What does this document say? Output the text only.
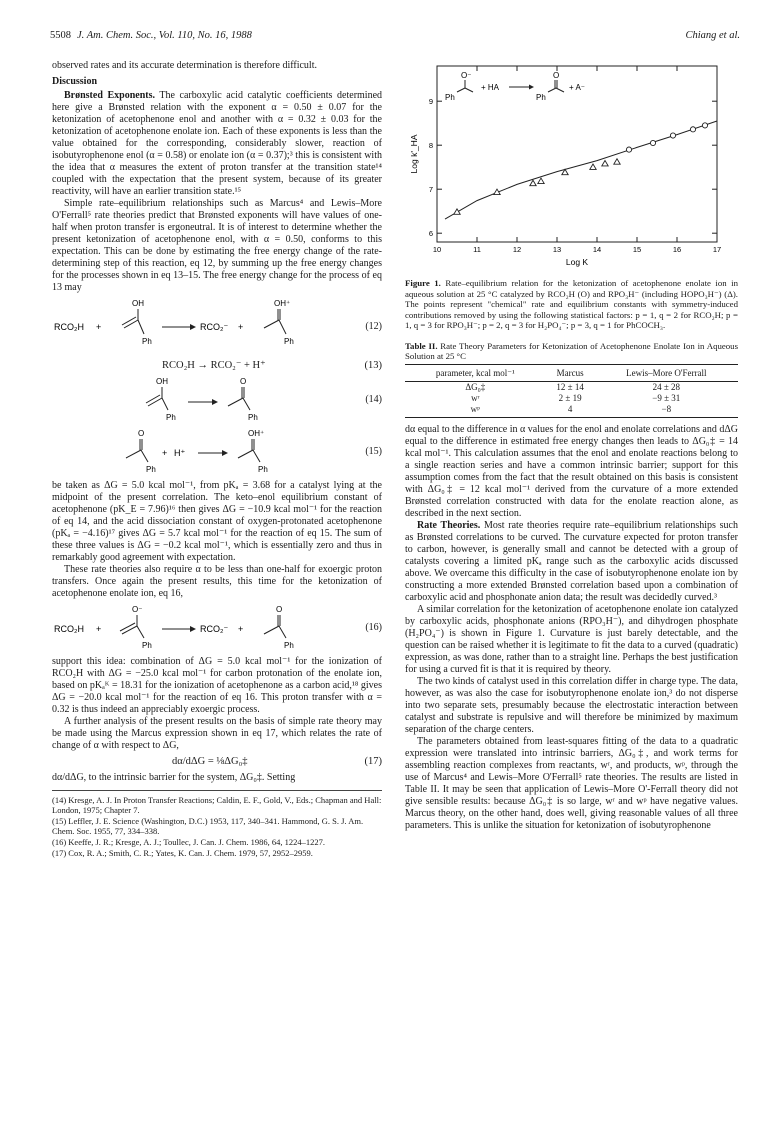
5508 J. Am. Chem. Soc., Vol. 110, No. 16, 1988	Chiang et al.

observed rates and its accurate determination is therefore difficult.

Discussion

Brønsted Exponents. The carboxylic acid catalytic coefficients determined here give a Brønsted relation with the exponent α = 0.50 ± 0.07 for the ketonization of acetophenone enol and another with α = 0.32 ± 0.03 for the ketonization of acetophenone enolate ion. Each of these exponents is less than the value obtained for the corresponding, considerably slower, reaction of isobutyrophenone enol (α = 0.58) or enolate ion (α = 0.37);³ this is consistent with the idea that α measures the extent of proton transfer at the transition state¹⁴ coupled with the expectation that the present system, because of its greater reactivity, will have an earlier transition state.¹⁵

Simple rate–equilibrium relationships such as Marcus⁴ and Lewis–More O'Ferrall⁵ rate theories predict that Brønsted exponents will have values of one-half when proton transfer is ergoneutral. It is of interest to determine whether the present ketonization of acetophenone enol, with α = 0.50, conforms to this expectation. This can be done by estimating the free energy change of the rate-determining step of this reaction, eq 12, by summing up the free energy changes for the processes shown in eq 13–15. The free energy change for the process of eq 13 may

RCO₂H +
OH
Ph
RCO₂⁻ +
OH⁺
Ph
(12)
RCO₂H → RCO₂⁻ + H⁺	(13)
OH
Ph
O
Ph
(14)
O
Ph
+ H⁺
OH⁺
Ph
(15)

be taken as ΔG = 5.0 kcal mol⁻¹, from pKₐ = 3.68 for a catalyst lying at the midpoint of the present correlation. The keto–enol equilibrium constant of acetophenone (pK_E = 7.96)¹⁶ then gives ΔG = −10.9 kcal mol⁻¹ for the reaction of eq 14, and the acid dissociation constant of oxygen-protonated acetophenone (pKₐ = −4.16)¹⁷ gives ΔG = 5.7 kcal mol⁻¹ for the reaction of eq 15. The sum of these three values is ΔG = −0.2 kcal mol⁻¹, which is essentially zero and thus in remarkably good agreement with expectation.

These rate theories also require α to be less than one-half for exoergic proton transfers. Once again the present results, this time for the ketonization of acetophenone enolate ion, eq 16,

RCO₂H +
O⁻
Ph
RCO₂⁻ +
O
Ph
(16)

support this idea: combination of ΔG = 5.0 kcal mol⁻¹ for the ionization of RCO₂H with ΔG = −25.0 kcal mol⁻¹ for carbon protonation of the enolate ion, based on pKₐᴷ = 18.31 for the ionization of acetophenone as a carbon acid,¹⁸ gives ΔG = −20.0 kcal mol⁻¹ for the reaction of eq 16. This proton transfer with α = 0.32 is thus indeed an appreciably exoergic process.

A further analysis of the present results on the basis of simple rate theory may be made using the Marcus expression shown in eq 17, which relates the rate of change of α with respect to ΔG,

dα/dΔG = ⅛ΔG₀‡	(17)

dα/dΔG, to the intrinsic barrier for the system, ΔG₀‡. Setting

(14) Kresge, A. J. In Proton Transfer Reactions; Caldin, E. F., Gold, V., Eds.; Chapman and Hall: London, 1975; Chapter 7.
(15) Leffler, J. E. Science (Washington, D.C.) 1953, 117, 340–341. Hammond, G. S. J. Am. Chem. Soc. 1955, 77, 334–338.
(16) Keeffe, J. R.; Kresge, A. J.; Toullec, J. Can. J. Chem. 1986, 64, 1224–1227.
(17) Cox, R. A.; Smith, C. R.; Yates, K. Can. J. Chem. 1979, 57, 2952–2959.
O⁻
Ph
+ HA
O
Ph
+ A⁻
10	11	12	13	14	15	16	17
6
7
8
9
Log K
Log k'_HA
Figure 1. Rate–equilibrium relation for the ketonization of acetophenone enolate ion in aqueous solution at 25 °C catalyzed by RCO₂H (O) and RPO₃H⁻ (including HOPO₃H⁻) (Δ). The points represent "chemical" rate and equilibrium constants with symmetry-induced contributions removed by using the following statistical factors: p = 1, q = 2 for RCO₂H; p = 1, q = 3 for RPO₃H⁻; p = 2, q = 3 for H₂PO₄⁻; p = 3, q = 1 for PhCOCH₃.
Table II. Rate Theory Parameters for Ketonization of Acetophenone Enolate Ion in Aqueous Solution at 25 °C
parameter, kcal mol⁻¹	Marcus	Lewis–More O'Ferrall
ΔG₀‡	12 ± 14	24 ± 28
wʳ	2 ± 19	−9 ± 31
wᵖ	4	−8

dα equal to the difference in α values for the enol and enolate correlations and dΔG equal to the difference in estimated free energy changes then leads to ΔG₀‡ = 14 kcal mol⁻¹. This calculation assumes that the enol and enolate reactions belong to a single reaction series and have a common intrinsic barrier; support for this assumption comes from the fact that the result obtained on this basis is consistent with ΔG₀‡ = 12 kcal mol⁻¹ derived from the curvature of a more extended Brønsted correlation constructed with data for the enolate reaction alone, as described in the next section.

Rate Theories. Most rate theories require rate–equilibrium relationships such as Brønsted correlations to be curved. The curvature expected for proton transfer to carbon, however, is generally small and cannot be detected with a group of catalysts covering a limited pKₐ range such as the carboxylic acids discussed above. We overcame this difficulty in the case of isobutyrophenone enolate ion by constructing a more extended Brønsted correlation based upon a combination of carboxylic acid and phosphonate anion data; the result was decidedly curved.³

A similar correlation for the ketonization of acetophenone enolate ion catalyzed by carboxylic acids, phosphonate anions (RPO₃H⁻), and dihydrogen phosphate (H₂PO₄⁻) is shown in Figure 1. Curvature is just barely detectable, and the question can be raised whether it is legitimate to fit the data to a curved (quadratic) expression, as was done, rather than to a straight line. Perhaps the best justification for using a curved fit is that it is required by theory.

The two kinds of catalyst used in this correlation differ in charge type. The data, however, as was also the case for isobutyrophenone enolate ion,³ do not disperse into two separate sets, presumably because the electrostatic interaction between catalyst and substrate is repulsive and will therefore be minimized by maximum separation of the charge centers.

The parameters obtained from least-squares fitting of the data to a quadratic expression were translated into intrinsic barriers, ΔG₀‡, and work terms for assembling reaction complexes from reactants, wʳ, and products, wᵖ, through the use of Marcus⁴ and Lewis–More O'Ferrall⁵ rate theories. The results are listed in Table II. It may be seen that application of Lewis–More O'-Ferrall theory did not give sensible results: because ΔG₀‡ is so large, wʳ and wᵖ have negative values. Marcus theory, on the other hand, does well, giving reasonable values of all three parameters. This is unlike the situation for ketonization of isobutyrophenone
